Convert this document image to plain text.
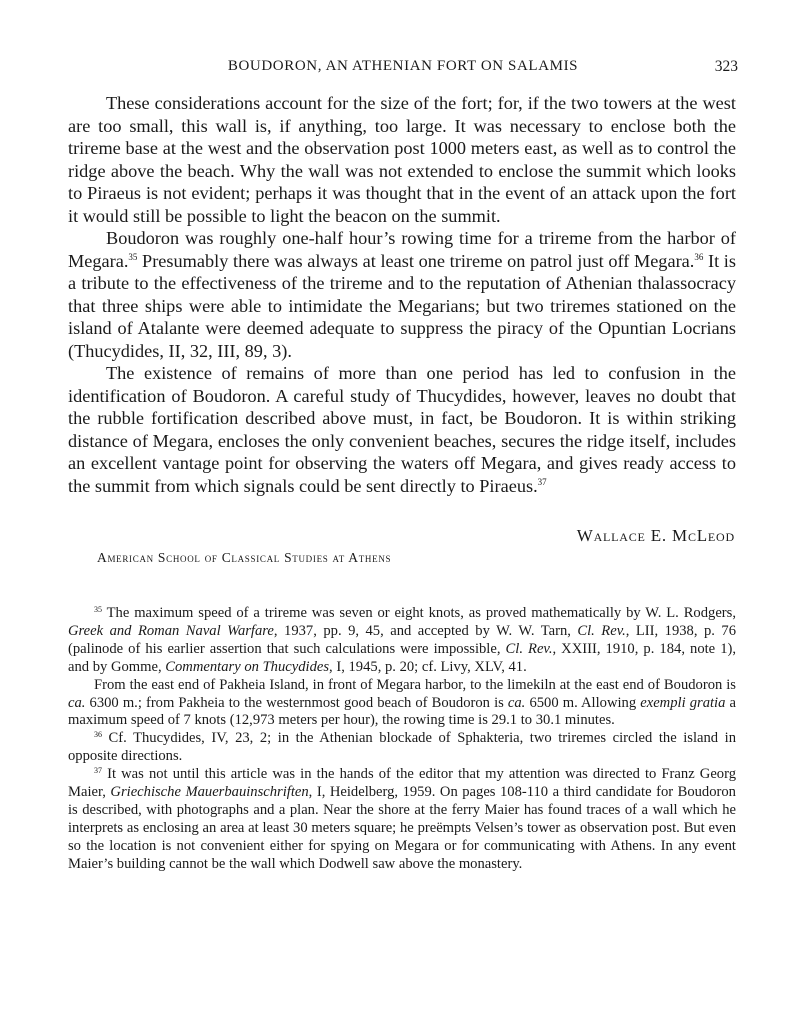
BOUDORON, AN ATHENIAN FORT ON SALAMIS	323

These considerations account for the size of the fort; for, if the two towers at the west are too small, this wall is, if anything, too large. It was necessary to enclose both the trireme base at the west and the observation post 1000 meters east, as well as to control the ridge above the beach. Why the wall was not extended to enclose the summit which looks to Piraeus is not evident; perhaps it was thought that in the event of an attack upon the fort it would still be possible to light the beacon on the summit.

Boudoron was roughly one-half hour’s rowing time for a trireme from the harbor of Megara.$^{35}$ Presumably there was always at least one trireme on patrol just off Megara.$^{36}$ It is a tribute to the effectiveness of the trireme and to the reputation of Athenian thalassocracy that three ships were able to intimidate the Megarians; but two triremes stationed on the island of Atalante were deemed adequate to suppress the piracy of the Opuntian Locrians (Thucydides, II, 32, III, 89, 3).

The existence of remains of more than one period has led to confusion in the identification of Boudoron. A careful study of Thucydides, however, leaves no doubt that the rubble fortification described above must, in fact, be Boudoron. It is within striking distance of Megara, encloses the only convenient beaches, secures the ridge itself, includes an excellent vantage point for observing the waters off Megara, and gives ready access to the summit from which signals could be sent directly to Piraeus.$^{37}$

Wallace E. McLeod
American School of Classical Studies at Athens

$^{35}$ The maximum speed of a trireme was seven or eight knots, as proved mathematically by W. L. Rodgers, Greek and Roman Naval Warfare, 1937, pp. 9, 45, and accepted by W. W. Tarn, Cl. Rev., LII, 1938, p. 76 (palinode of his earlier assertion that such calculations were impossible, Cl. Rev., XXIII, 1910, p. 184, note 1), and by Gomme, Commentary on Thucydides, I, 1945, p. 20; cf. Livy, XLV, 41.

From the east end of Pakheia Island, in front of Megara harbor, to the limekiln at the east end of Boudoron is ca. 6300 m.; from Pakheia to the westernmost good beach of Boudoron is ca. 6500 m. Allowing exempli gratia a maximum speed of 7 knots (12,973 meters per hour), the rowing time is 29.1 to 30.1 minutes.

$^{36}$ Cf. Thucydides, IV, 23, 2; in the Athenian blockade of Sphakteria, two triremes circled the island in opposite directions.

$^{37}$ It was not until this article was in the hands of the editor that my attention was directed to Franz Georg Maier, Griechische Mauerbauinschriften, I, Heidelberg, 1959. On pages 108-110 a third candidate for Boudoron is described, with photographs and a plan. Near the shore at the ferry Maier has found traces of a wall which he interprets as enclosing an area at least 30 meters square; he preëmpts Velsen’s tower as observation post. But even so the location is not convenient either for spying on Megara or for communicating with Athens. In any event Maier’s building cannot be the wall which Dodwell saw above the monastery.
